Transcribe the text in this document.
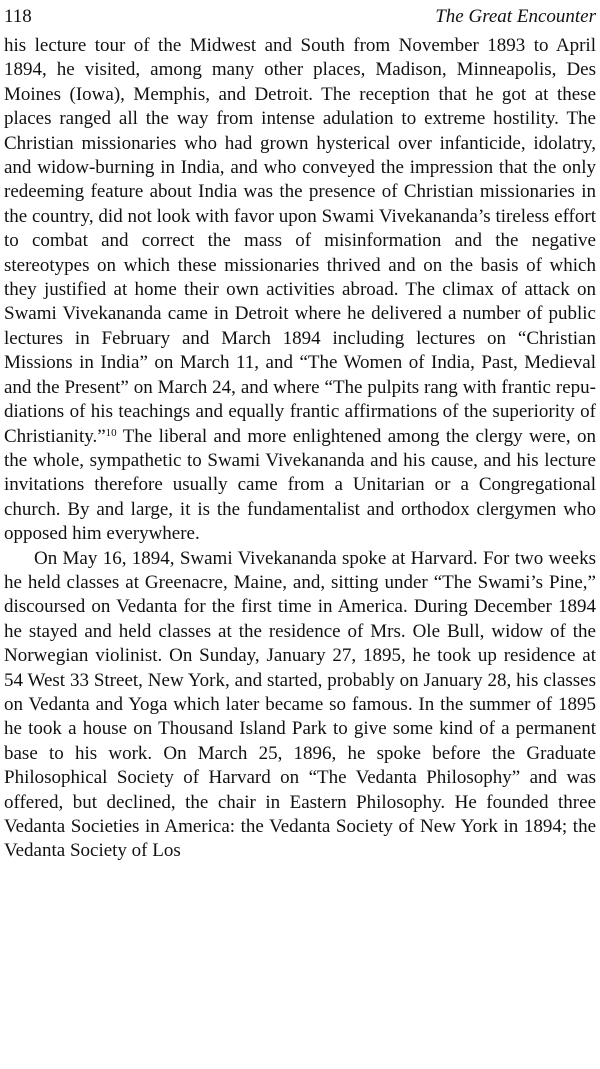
118	The Great Encounter

his lecture tour of the Midwest and South from November 1893 to April 1894, he visited, among many other places, Madison, Minneapolis, Des Moines (Iowa), Memphis, and Detroit. The reception that he got at these places ranged all the way from intense adulation to extreme hostility. The Christian missionaries who had grown hysterical over infanticide, idolatry, and widow-burning in India, and who conveyed the impression that the only redeeming feature about India was the presence of Christian missionaries in the country, did not look with favor upon Swami Vivekananda’s tireless effort to combat and correct the mass of misinformation and the negative stereotypes on which these missionaries thrived and on the basis of which they justified at home their own activities abroad. The climax of attack on Swami Vivekananda came in Detroit where he delivered a number of public lectures in February and March 1894 including lectures on “Christian Missions in India” on March 11, and “The Women of India, Past, Medieval and the Present” on March 24, and where “The pulpits rang with frantic repudiations of his teachings and equally frantic affirmations of the superiority of Christianity.”$^{10}$ The liberal and more enlightened among the clergy were, on the whole, sympathetic to Swami Vivekananda and his cause, and his lecture invitations therefore usually came from a Unitarian or a Congregational church. By and large, it is the fundamentalist and orthodox clergymen who opposed him everywhere.

On May 16, 1894, Swami Vivekananda spoke at Harvard. For two weeks he held classes at Greenacre, Maine, and, sitting under “The Swami’s Pine,” discoursed on Vedanta for the first time in America. During December 1894 he stayed and held classes at the residence of Mrs. Ole Bull, widow of the Norwegian violinist. On Sunday, January 27, 1895, he took up residence at 54 West 33 Street, New York, and started, probably on January 28, his classes on Vedanta and Yoga which later became so famous. In the summer of 1895 he took a house on Thousand Island Park to give some kind of a permanent base to his work. On March 25, 1896, he spoke before the Graduate Philosophical Society of Harvard on “The Vedanta Philosophy” and was offered, but declined, the chair in Eastern Philosophy. He founded three Vedanta Societies in America: the Vedanta Society of New York in 1894; the Vedanta Society of Los
